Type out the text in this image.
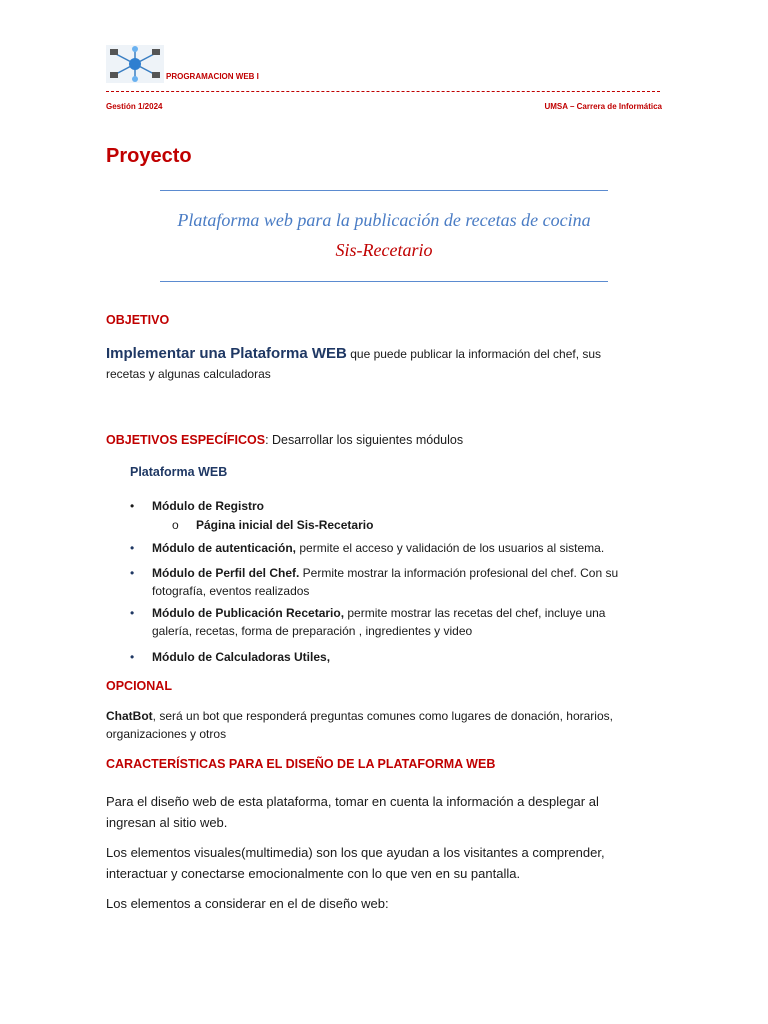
PROGRAMACION WEB I
Gestión 1/2024	UMSA – Carrera de Informática
Proyecto
Plataforma web para la publicación de recetas de cocina
Sis-Recetario
OBJETIVO
Implementar una Plataforma WEB que puede publicar la información del chef, sus
recetas y algunas calculadoras
OBJETIVOS ESPECÍFICOS: Desarrollar los siguientes módulos
Plataforma WEB
• Módulo de Registro
o Página inicial del Sis-Recetario
• Módulo de autenticación, permite el acceso y validación de los usuarios al sistema.
• Módulo de Perfil del Chef. Permite mostrar la información profesional del chef. Con su
fotografía, eventos realizados
• Módulo de Publicación Recetario, permite mostrar las recetas del chef, incluye una
galería, recetas, forma de preparación , ingredientes y video
• Módulo de Calculadoras Utiles,
OPCIONAL
ChatBot, será un bot que responderá preguntas comunes como lugares de donación, horarios,
organizaciones y otros
CARACTERÍSTICAS PARA EL DISEÑO DE LA PLATAFORMA WEB
Para el diseño web de esta plataforma, tomar en cuenta la información a desplegar al
ingresan al sitio web.
Los elementos visuales(multimedia) son los que ayudan a los visitantes a comprender,
interactuar y conectarse emocionalmente con lo que ven en su pantalla.
Los elementos a considerar en el de diseño web:
